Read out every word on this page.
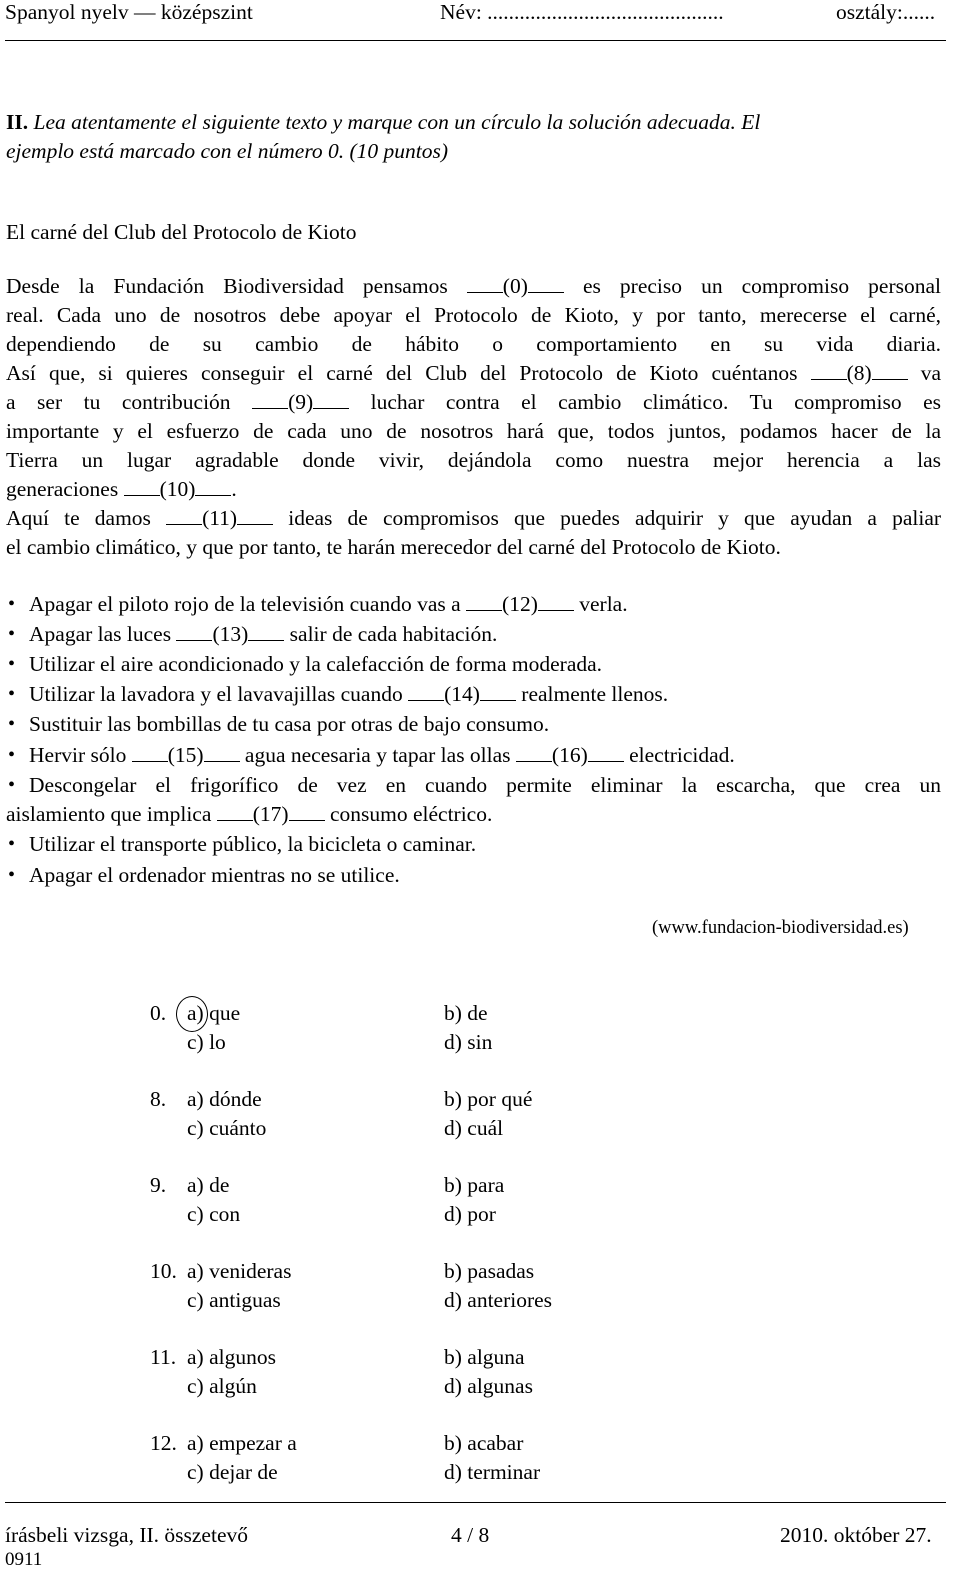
Spanyol nyelv — középszint	Név: ............................................	osztály:......
II. Lea atentamente el siguiente texto y marque con un círculo la solución adecuada. El
ejemplo está marcado con el número 0. (10 puntos)
El carné del Club del Protocolo de Kioto
Desde la Fundación Biodiversidad pensamos	(0)	es preciso un compromiso personal
real. Cada uno de nosotros debe apoyar el Protocolo de Kioto, y por tanto, merecerse el carné,
dependiendo de su cambio de hábito o comportamiento en su vida diaria.
Así que, si quieres conseguir el carné del Club del Protocolo de Kioto cuéntanos (8) va
a ser tu contribución	(9)	luchar contra el cambio climático. Tu compromiso es
importante y el esfuerzo de cada uno de nosotros hará que, todos juntos, podamos hacer de la
Tierra un lugar agradable donde vivir, dejándola como nuestra mejor herencia a las
generaciones (10) .
Aquí te damos (11) ideas de compromisos que puedes adquirir y que ayudan a paliar
el cambio climático, y que por tanto, te harán merecedor del carné del Protocolo de Kioto.
• Apagar el piloto rojo de la televisión cuando vas a (12) verla.
• Apagar las luces (13) salir de cada habitación.
• Utilizar el aire acondicionado y la calefacción de forma moderada.
• Utilizar la lavadora y el lavavajillas cuando (14) realmente llenos.
• Sustituir las bombillas de tu casa por otras de bajo consumo.
• Hervir sólo (15) agua necesaria y tapar las ollas (16) electricidad.
• Descongelar el frigorífico de vez en cuando permite eliminar la escarcha, que crea un
aislamiento que implica (17) consumo eléctrico.
• Utilizar el transporte público, la bicicleta o caminar.
• Apagar el ordenador mientras no se utilice.
(www.fundacion-biodiversidad.es)
0. a) que	b) de
c) lo	d) sin
8. a) dónde	b) por qué
c) cuánto	d) cuál
9. a) de	b) para
c) con	d) por
10. a) venideras	b) pasadas
c) antiguas	d) anteriores
11. a) algunos	b) alguna
c) algún	d) algunas
12. a) empezar a	b) acabar
c) dejar de	d) terminar
írásbeli vizsga, II. összetevő
0911
4 / 8	2010. október 27.
